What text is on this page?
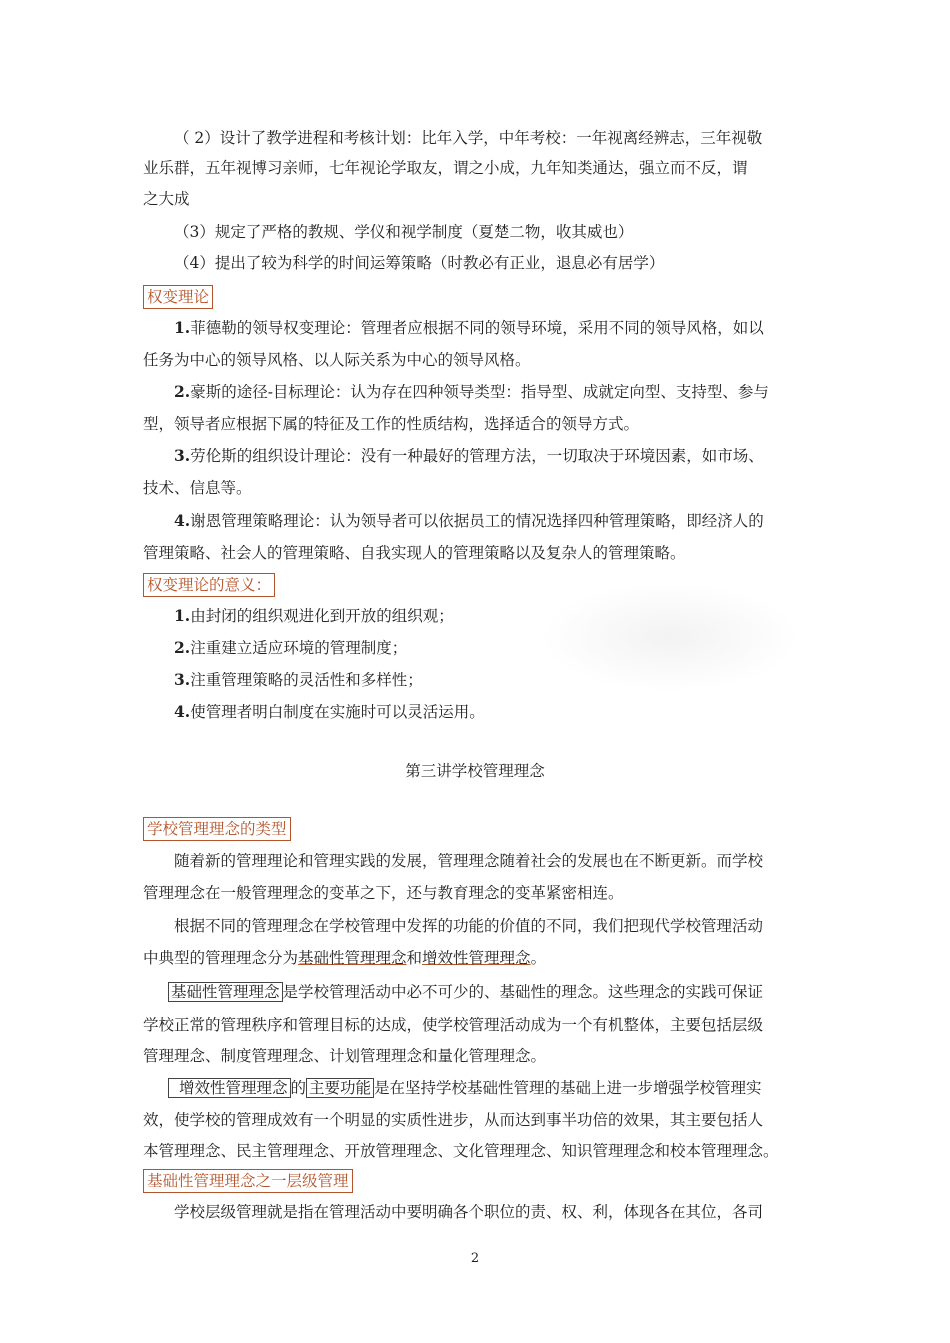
（ 2）设计了教学进程和考核计划：比年入学，中年考校：一年视离经辨志，三年视敬
业乐群，五年视博习亲师，七年视论学取友，谓之小成，九年知类通达，强立而不反，谓
之大成
（3）规定了严格的教规、学仪和视学制度（夏楚二物，收其威也）
（4）提出了较为科学的时间运筹策略（时教必有正业，退息必有居学）
权变理论
1.菲德勒的领导权变理论：管理者应根据不同的领导环境，采用不同的领导风格，如以
任务为中心的领导风格、以人际关系为中心的领导风格。
2.豪斯的途径-目标理论：认为存在四种领导类型：指导型、成就定向型、支持型、参与
型，领导者应根据下属的特征及工作的性质结构，选择适合的领导方式。
3.劳伦斯的组织设计理论：没有一种最好的管理方法，一切取决于环境因素，如市场、
技术、信息等。
4.谢恩管理策略理论：认为领导者可以依据员工的情况选择四种管理策略，即经济人的
管理策略、社会人的管理策略、自我实现人的管理策略以及复杂人的管理策略。
权变理论的意义：
1.由封闭的组织观进化到开放的组织观；
2.注重建立适应环境的管理制度；
3.注重管理策略的灵活性和多样性；
4.使管理者明白制度在实施时可以灵活运用。
第三讲学校管理理念
学校管理理念的类型
随着新的管理理论和管理实践的发展，管理理念随着社会的发展也在不断更新。而学校
管理理念在一般管理理念的变革之下，还与教育理念的变革紧密相连。
根据不同的管理理念在学校管理中发挥的功能的价值的不同，我们把现代学校管理活动
中典型的管理理念分为基础性管理理念和增效性管理理念。
基础性管理理念 是学校管理活动中必不可少的、基础性的理念。这些理念的实践可保证
学校正常的管理秩序和管理目标的达成，使学校管理活动成为一个有机整体，主要包括层级
管理理念、制度管理理念、计划管理理念和量化管理理念。
增效性管理理念 的 主要功能 是在坚持学校基础性管理的基础上进一步增强学校管理实
效，使学校的管理成效有一个明显的实质性进步，从而达到事半功倍的效果，其主要包括人
本管理理念、民主管理理念、开放管理理念、文化管理理念、知识管理理念和校本管理理念。
基础性管理理念之一层级管理
学校层级管理就是指在管理活动中要明确各个职位的责、权、利，体现各在其位，各司
2
